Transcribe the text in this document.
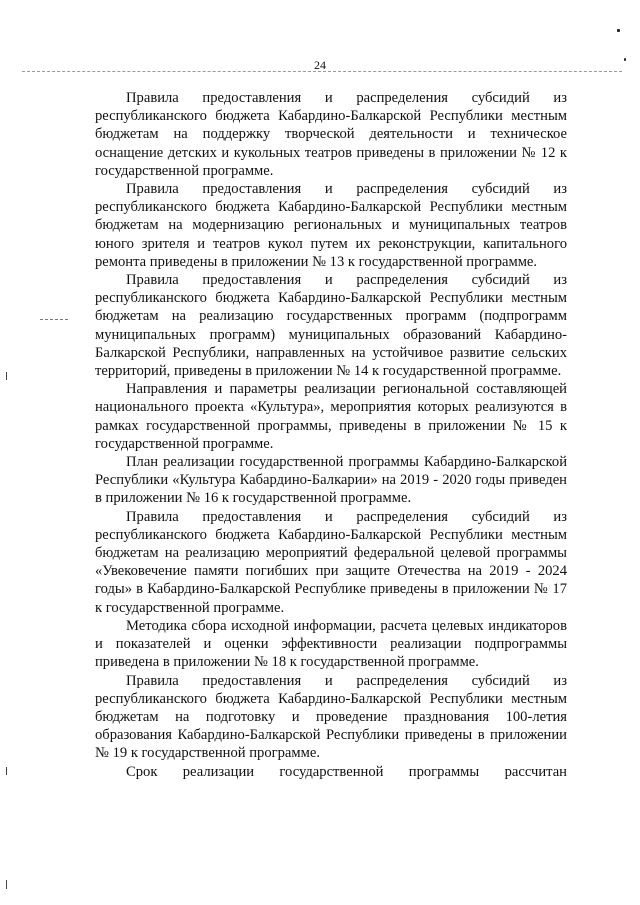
24

Правила предоставления и распределения субсидий из республиканского бюджета Кабардино-Балкарской Республики местным бюджетам на поддержку творческой деятельности и техническое оснащение детских и кукольных театров приведены в приложении № 12 к государственной программе.

Правила предоставления и распределения субсидий из республиканского бюджета Кабардино-Балкарской Республики местным бюджетам на модернизацию региональных и муниципальных театров юного зрителя и театров кукол путем их реконструкции, капитального ремонта приведены в приложении № 13 к государственной программе.

Правила предоставления и распределения субсидий из республиканского бюджета Кабардино-Балкарской Республики местным бюджетам на реализацию государственных программ (подпрограмм муниципальных программ) муниципальных образований Кабардино-Балкарской Республики, направленных на устойчивое развитие сельских территорий, приведены в приложении № 14 к государственной программе.

Направления и параметры реализации региональной составляющей национального проекта «Культура», мероприятия которых реализуются в рамках государственной программы, приведены в приложении № 15 к государственной программе.

План реализации государственной программы Кабардино-Балкарской Республики «Культура Кабардино-Балкарии» на 2019 - 2020 годы приведен в приложении № 16 к государственной программе.

Правила предоставления и распределения субсидий из республиканского бюджета Кабардино-Балкарской Республики местным бюджетам на реализацию мероприятий федеральной целевой программы «Увековечение памяти погибших при защите Отечества на 2019 - 2024 годы» в Кабардино-Балкарской Республике приведены в приложении № 17 к государственной программе.

Методика сбора исходной информации, расчета целевых индикаторов и показателей и оценки эффективности реализации подпрограммы приведена в приложении № 18 к государственной программе.

Правила предоставления и распределения субсидий из республиканского бюджета Кабардино-Балкарской Республики местным бюджетам на подготовку и проведение празднования 100-летия образования Кабардино-Балкарской Республики приведены в приложении № 19 к государственной программе.

Срок реализации государственной программы рассчитан
